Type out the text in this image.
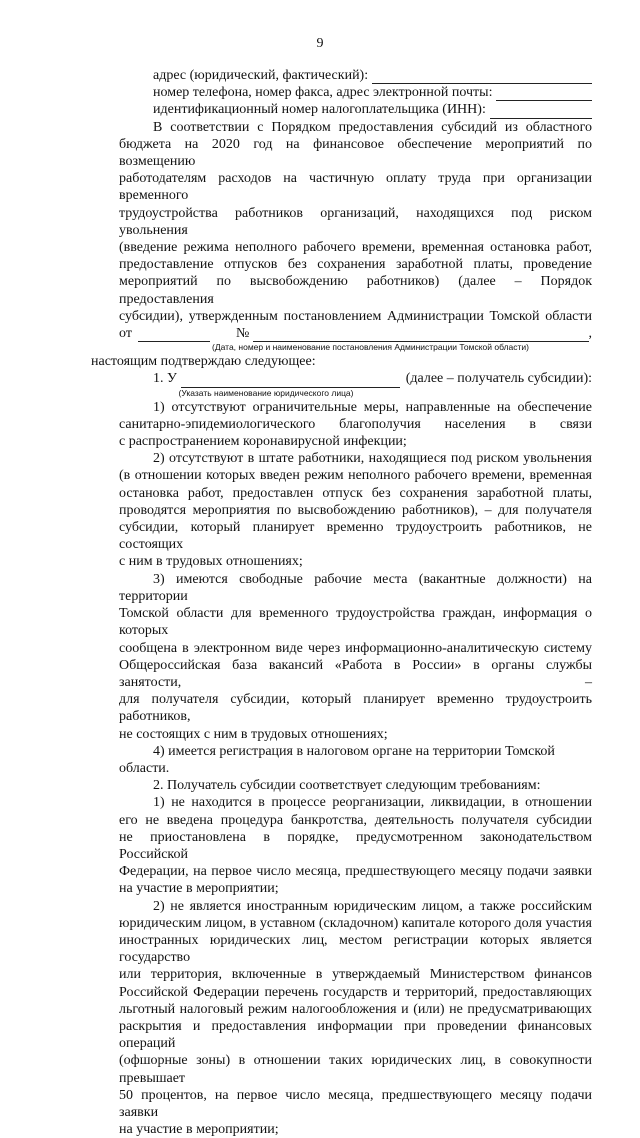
9
адрес (юридический, фактический):
номер телефона, номер факса, адрес электронной почты:
идентификационный номер налогоплательщика (ИНН):

В соответствии с Порядком предоставления субсидий из областного

бюджета на 2020 год на финансовое обеспечение мероприятий по возмещению

работодателям расходов на частичную оплату труда при организации временного

трудоустройства работников организаций, находящихся под риском увольнения

(введение режима неполного рабочего времени, временная остановка работ,

предоставление отпусков без сохранения заработной платы, проведение

мероприятий по высвобождению работников) (далее – Порядок предоставления

субсидии), утвержденным постановлением Администрации Томской области

от	№	,
(Дата, номер и наименование постановления Администрации Томской области)

настоящим подтверждаю следующее:

1. У	(далее – получатель субсидии):
(Указать наименование юридического лица)

1) отсутствуют ограничительные меры, направленные на обеспечение

санитарно-эпидемиологического благополучия населения в связи

с распространением коронавирусной инфекции;

2) отсутствуют в штате работники, находящиеся под риском увольнения

(в отношении которых введен режим неполного рабочего времени, временная

остановка работ, предоставлен отпуск без сохранения заработной платы,

проводятся мероприятия по высвобождению работников), – для получателя

субсидии, который планирует временно трудоустроить работников, не состоящих

с ним в трудовых отношениях;

3) имеются свободные рабочие места (вакантные должности) на территории

Томской области для временного трудоустройства граждан, информация о которых

сообщена в электронном виде через информационно-аналитическую систему

Общероссийская база вакансий «Работа в России» в органы службы занятости, –

для получателя субсидии, который планирует временно трудоустроить работников,

не состоящих с ним в трудовых отношениях;

4) имеется регистрация в налоговом органе на территории Томской области.

2. Получатель субсидии соответствует следующим требованиям:

1) не находится в процессе реорганизации, ликвидации, в отношении

его не введена процедура банкротства, деятельность получателя субсидии

не приостановлена в порядке, предусмотренном законодательством Российской

Федерации, на первое число месяца, предшествующего месяцу подачи заявки

на участие в мероприятии;

2) не является иностранным юридическим лицом, а также российским

юридическим лицом, в уставном (складочном) капитале которого доля участия

иностранных юридических лиц, местом регистрации которых является государство

или территория, включенные в утверждаемый Министерством финансов

Российской Федерации перечень государств и территорий, предоставляющих

льготный налоговый режим налогообложения и (или) не предусматривающих

раскрытия и предоставления информации при проведении финансовых операций

(офшорные зоны) в отношении таких юридических лиц, в совокупности превышает

50 процентов, на первое число месяца, предшествующего месяцу подачи заявки

на участие в мероприятии;
